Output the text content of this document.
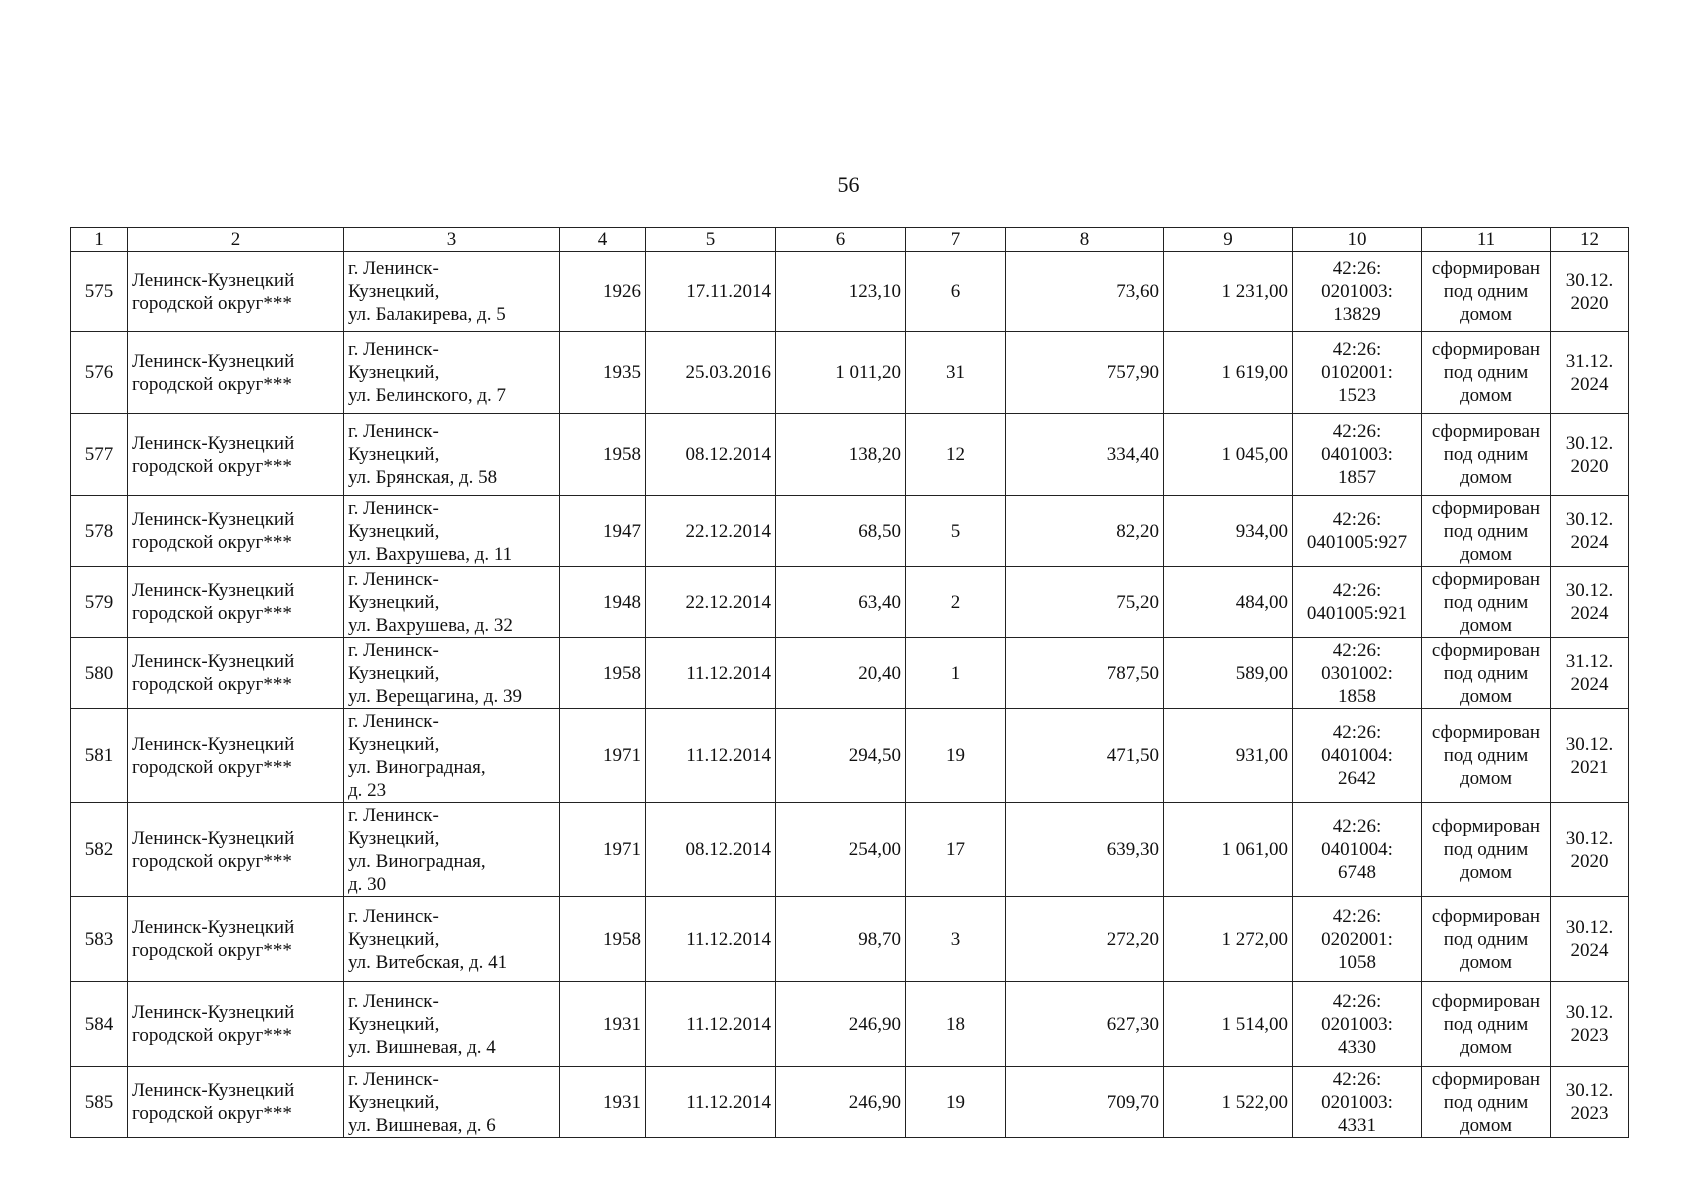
56
1	2	3	4	5	6	7	8	9	10	11	12
575	Ленинск-Кузнецкий городской округ***	г. Ленинск-
Кузнецкий,
ул. Балакирева, д. 5	1926	17.11.2014	123,10	6	73,60	1 231,00	42:26:
0201003:
13829	сформирован
под одним
домом	30.12.
2020

576	Ленинск-Кузнецкий городской округ***	г. Ленинск-
Кузнецкий,
ул. Белинского, д. 7	1935	25.03.2016	1 011,20	31	757,90	1 619,00	42:26:
0102001:
1523	сформирован
под одним
домом	31.12.
2024

577	Ленинск-Кузнецкий городской округ***	г. Ленинск-
Кузнецкий,
ул. Брянская, д. 58	1958	08.12.2014	138,20	12	334,40	1 045,00	42:26:
0401003:
1857	сформирован
под одним
домом	30.12.
2020

578	Ленинск-Кузнецкий городской округ***	г. Ленинск-
Кузнецкий,
ул. Вахрушева, д. 11	1947	22.12.2014	68,50	5	82,20	934,00	42:26:
0401005:927	сформирован
под одним
домом	30.12.
2024

579	Ленинск-Кузнецкий городской округ***	г. Ленинск-
Кузнецкий,
ул. Вахрушева, д. 32	1948	22.12.2014	63,40	2	75,20	484,00	42:26:
0401005:921	сформирован
под одним
домом	30.12.
2024

580	Ленинск-Кузнецкий городской округ***	г. Ленинск-
Кузнецкий,
ул. Верещагина, д. 39	1958	11.12.2014	20,40	1	787,50	589,00	42:26:
0301002:
1858	сформирован
под одним
домом	31.12.
2024

581	Ленинск-Кузнецкий городской округ***	г. Ленинск-
Кузнецкий,
ул. Виноградная,
д. 23	1971	11.12.2014	294,50	19	471,50	931,00	42:26:
0401004:
2642	сформирован
под одним
домом	30.12.
2021

582	Ленинск-Кузнецкий городской округ***	г. Ленинск-
Кузнецкий,
ул. Виноградная,
д. 30	1971	08.12.2014	254,00	17	639,30	1 061,00	42:26:
0401004:
6748	сформирован
под одним
домом	30.12.
2020

583	Ленинск-Кузнецкий городской округ***	г. Ленинск-
Кузнецкий,
ул. Витебская, д. 41	1958	11.12.2014	98,70	3	272,20	1 272,00	42:26:
0202001:
1058	сформирован
под одним
домом	30.12.
2024

584	Ленинск-Кузнецкий городской округ***	г. Ленинск-
Кузнецкий,
ул. Вишневая, д. 4	1931	11.12.2014	246,90	18	627,30	1 514,00	42:26:
0201003:
4330	сформирован
под одним
домом	30.12.
2023

585	Ленинск-Кузнецкий городской округ***	г. Ленинск-
Кузнецкий,
ул. Вишневая, д. 6	1931	11.12.2014	246,90	19	709,70	1 522,00	42:26:
0201003:
4331	сформирован
под одним
домом	30.12.
2023
